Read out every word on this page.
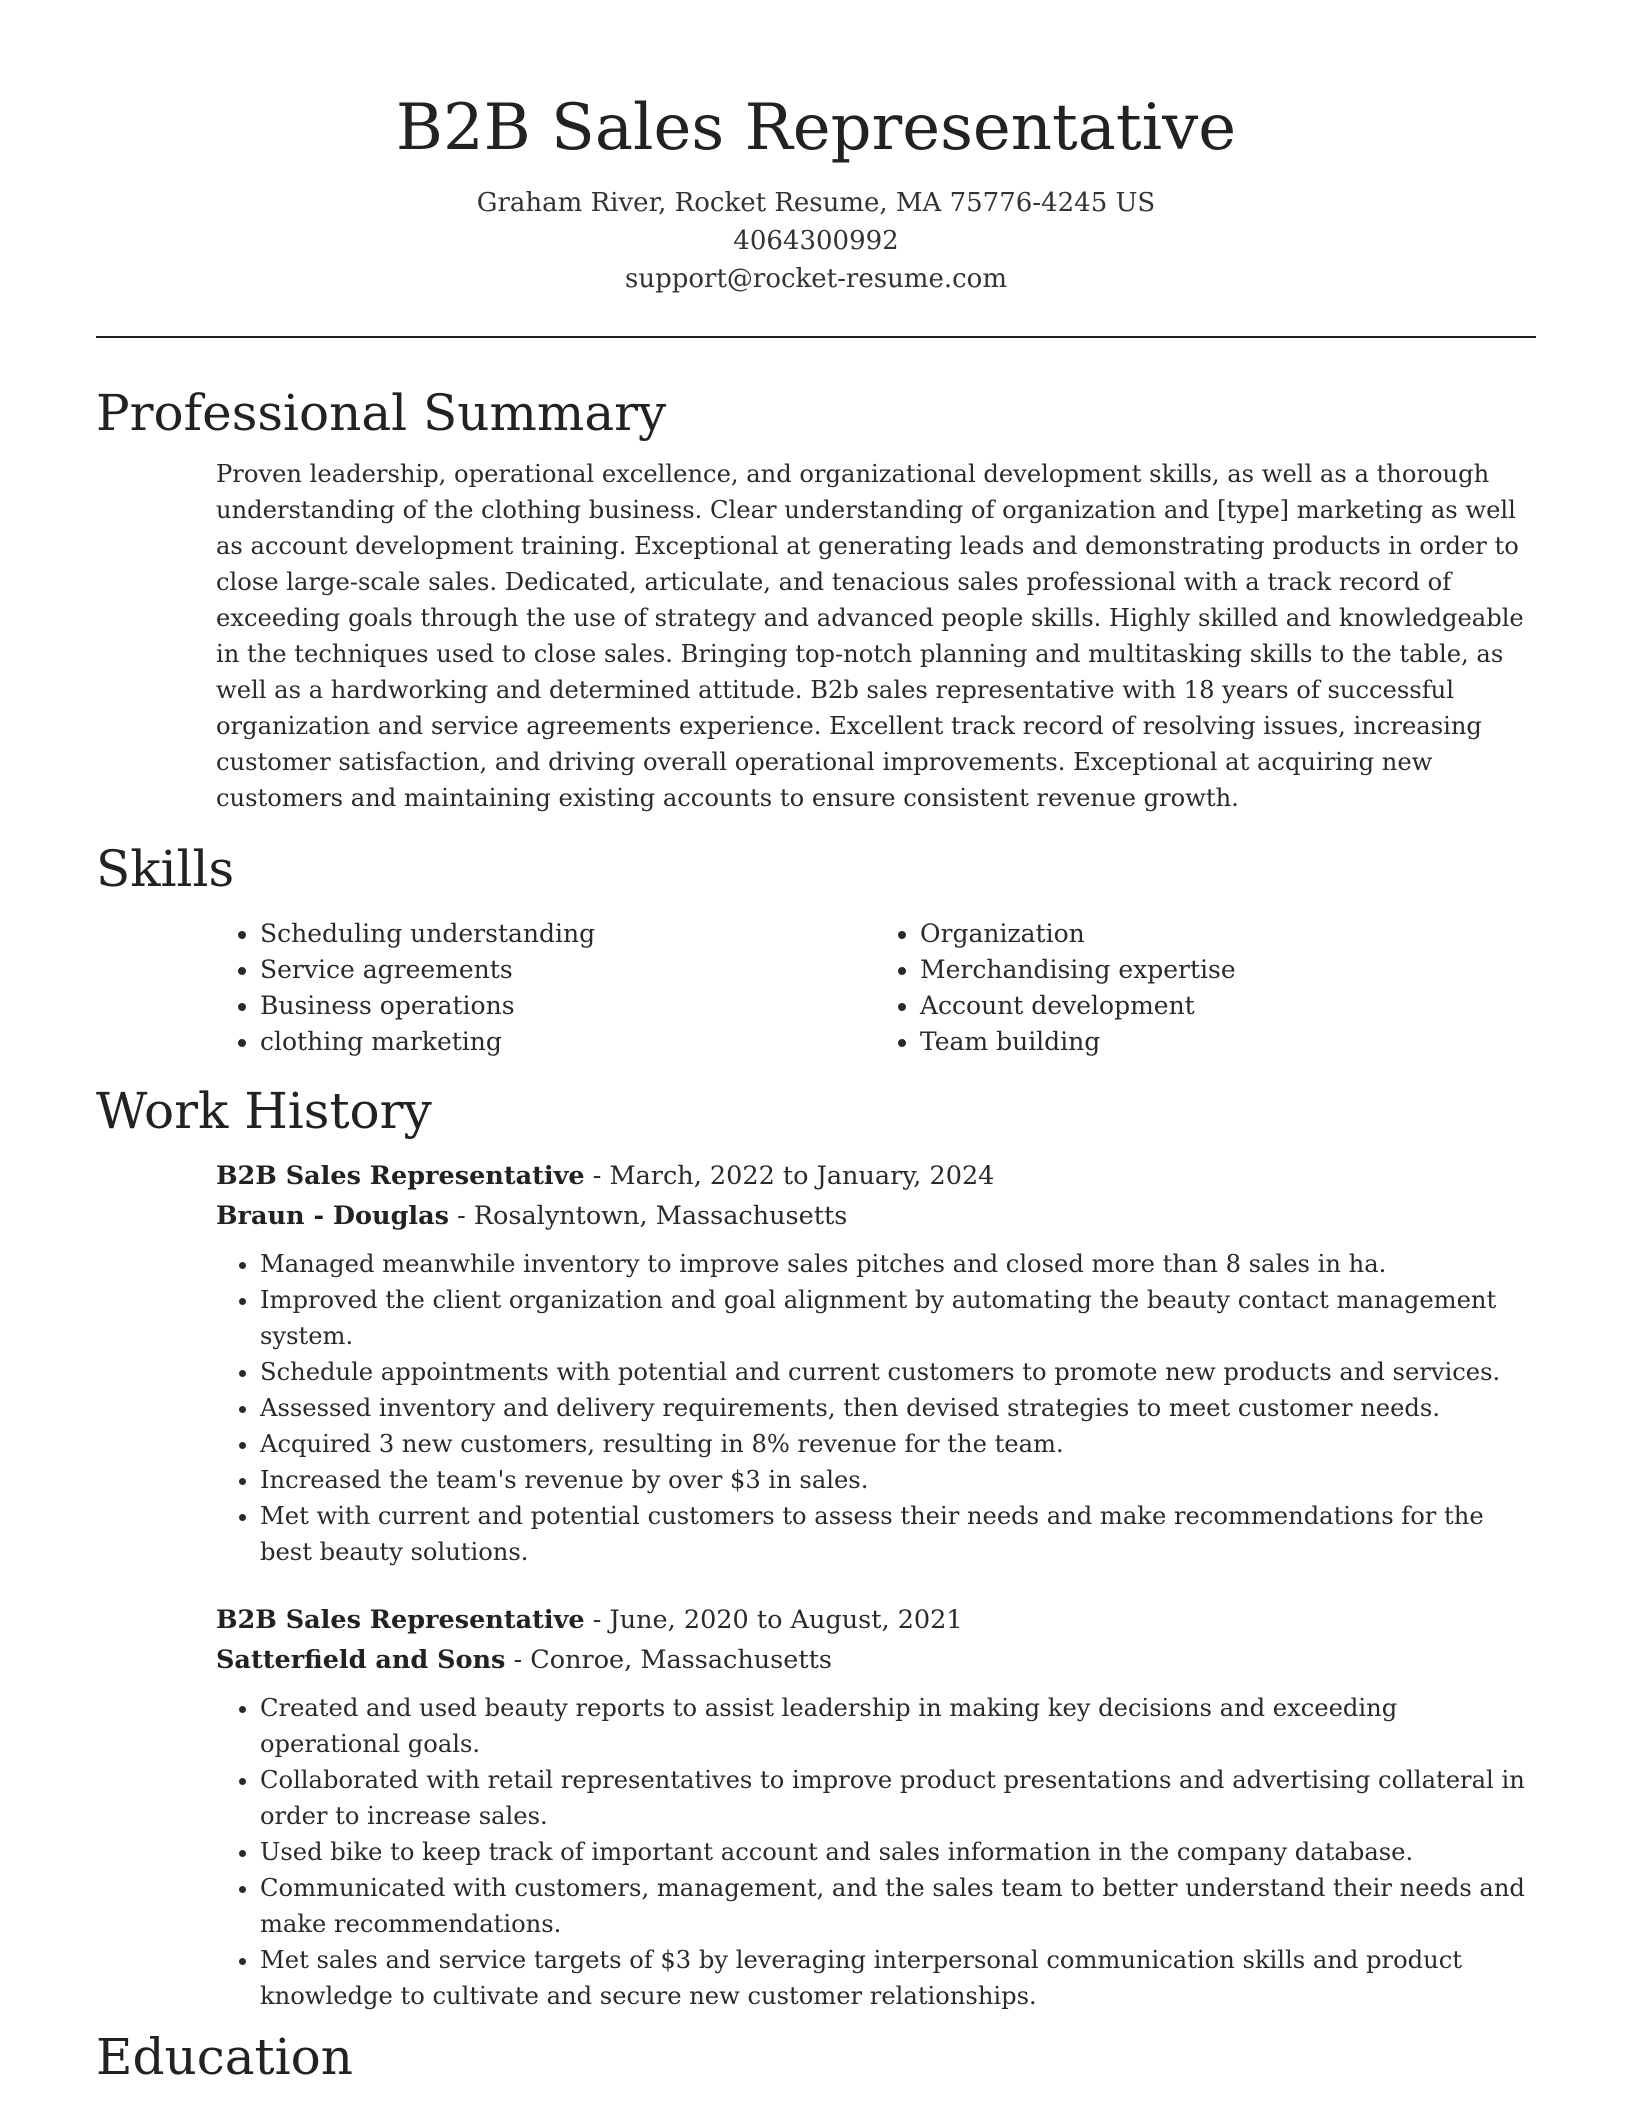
B2B Sales Representative
Graham River, Rocket Resume, MA 75776-4245 US
4064300992
support@rocket-resume.com
Professional Summary
Proven leadership, operational excellence, and organizational development skills, as well as a thorough understanding of the clothing business. Clear understanding of organization and [type] marketing as well as account development training. Exceptional at generating leads and demonstrating products in order to close large-scale sales. Dedicated, articulate, and tenacious sales professional with a track record of exceeding goals through the use of strategy and advanced people skills. Highly skilled and knowledgeable in the techniques used to close sales. Bringing top-notch planning and multitasking skills to the table, as well as a hardworking and determined attitude. B2b sales representative with 18 years of successful organization and service agreements experience. Excellent track record of resolving issues, increasing customer satisfaction, and driving overall operational improvements. Exceptional at acquiring new customers and maintaining existing accounts to ensure consistent revenue growth.
Skills
• Scheduling understanding
• Service agreements
• Business operations
• clothing marketing
• Organization
• Merchandising expertise
• Account development
• Team building
Work History
B2B Sales Representative - March, 2022 to January, 2024
Braun - Douglas - Rosalyntown, Massachusetts
• Managed meanwhile inventory to improve sales pitches and closed more than 8 sales in ha.
• Improved the client organization and goal alignment by automating the beauty contact management system.
• Schedule appointments with potential and current customers to promote new products and services.
• Assessed inventory and delivery requirements, then devised strategies to meet customer needs.
• Acquired 3 new customers, resulting in 8% revenue for the team.
• Increased the team's revenue by over $3 in sales.
• Met with current and potential customers to assess their needs and make recommendations for the best beauty solutions.
B2B Sales Representative - June, 2020 to August, 2021
Satterfield and Sons - Conroe, Massachusetts
• Created and used beauty reports to assist leadership in making key decisions and exceeding operational goals.
• Collaborated with retail representatives to improve product presentations and advertising collateral in order to increase sales.
• Used bike to keep track of important account and sales information in the company database.
• Communicated with customers, management, and the sales team to better understand their needs and make recommendations.
• Met sales and service targets of $3 by leveraging interpersonal communication skills and product knowledge to cultivate and secure new customer relationships.
Education
